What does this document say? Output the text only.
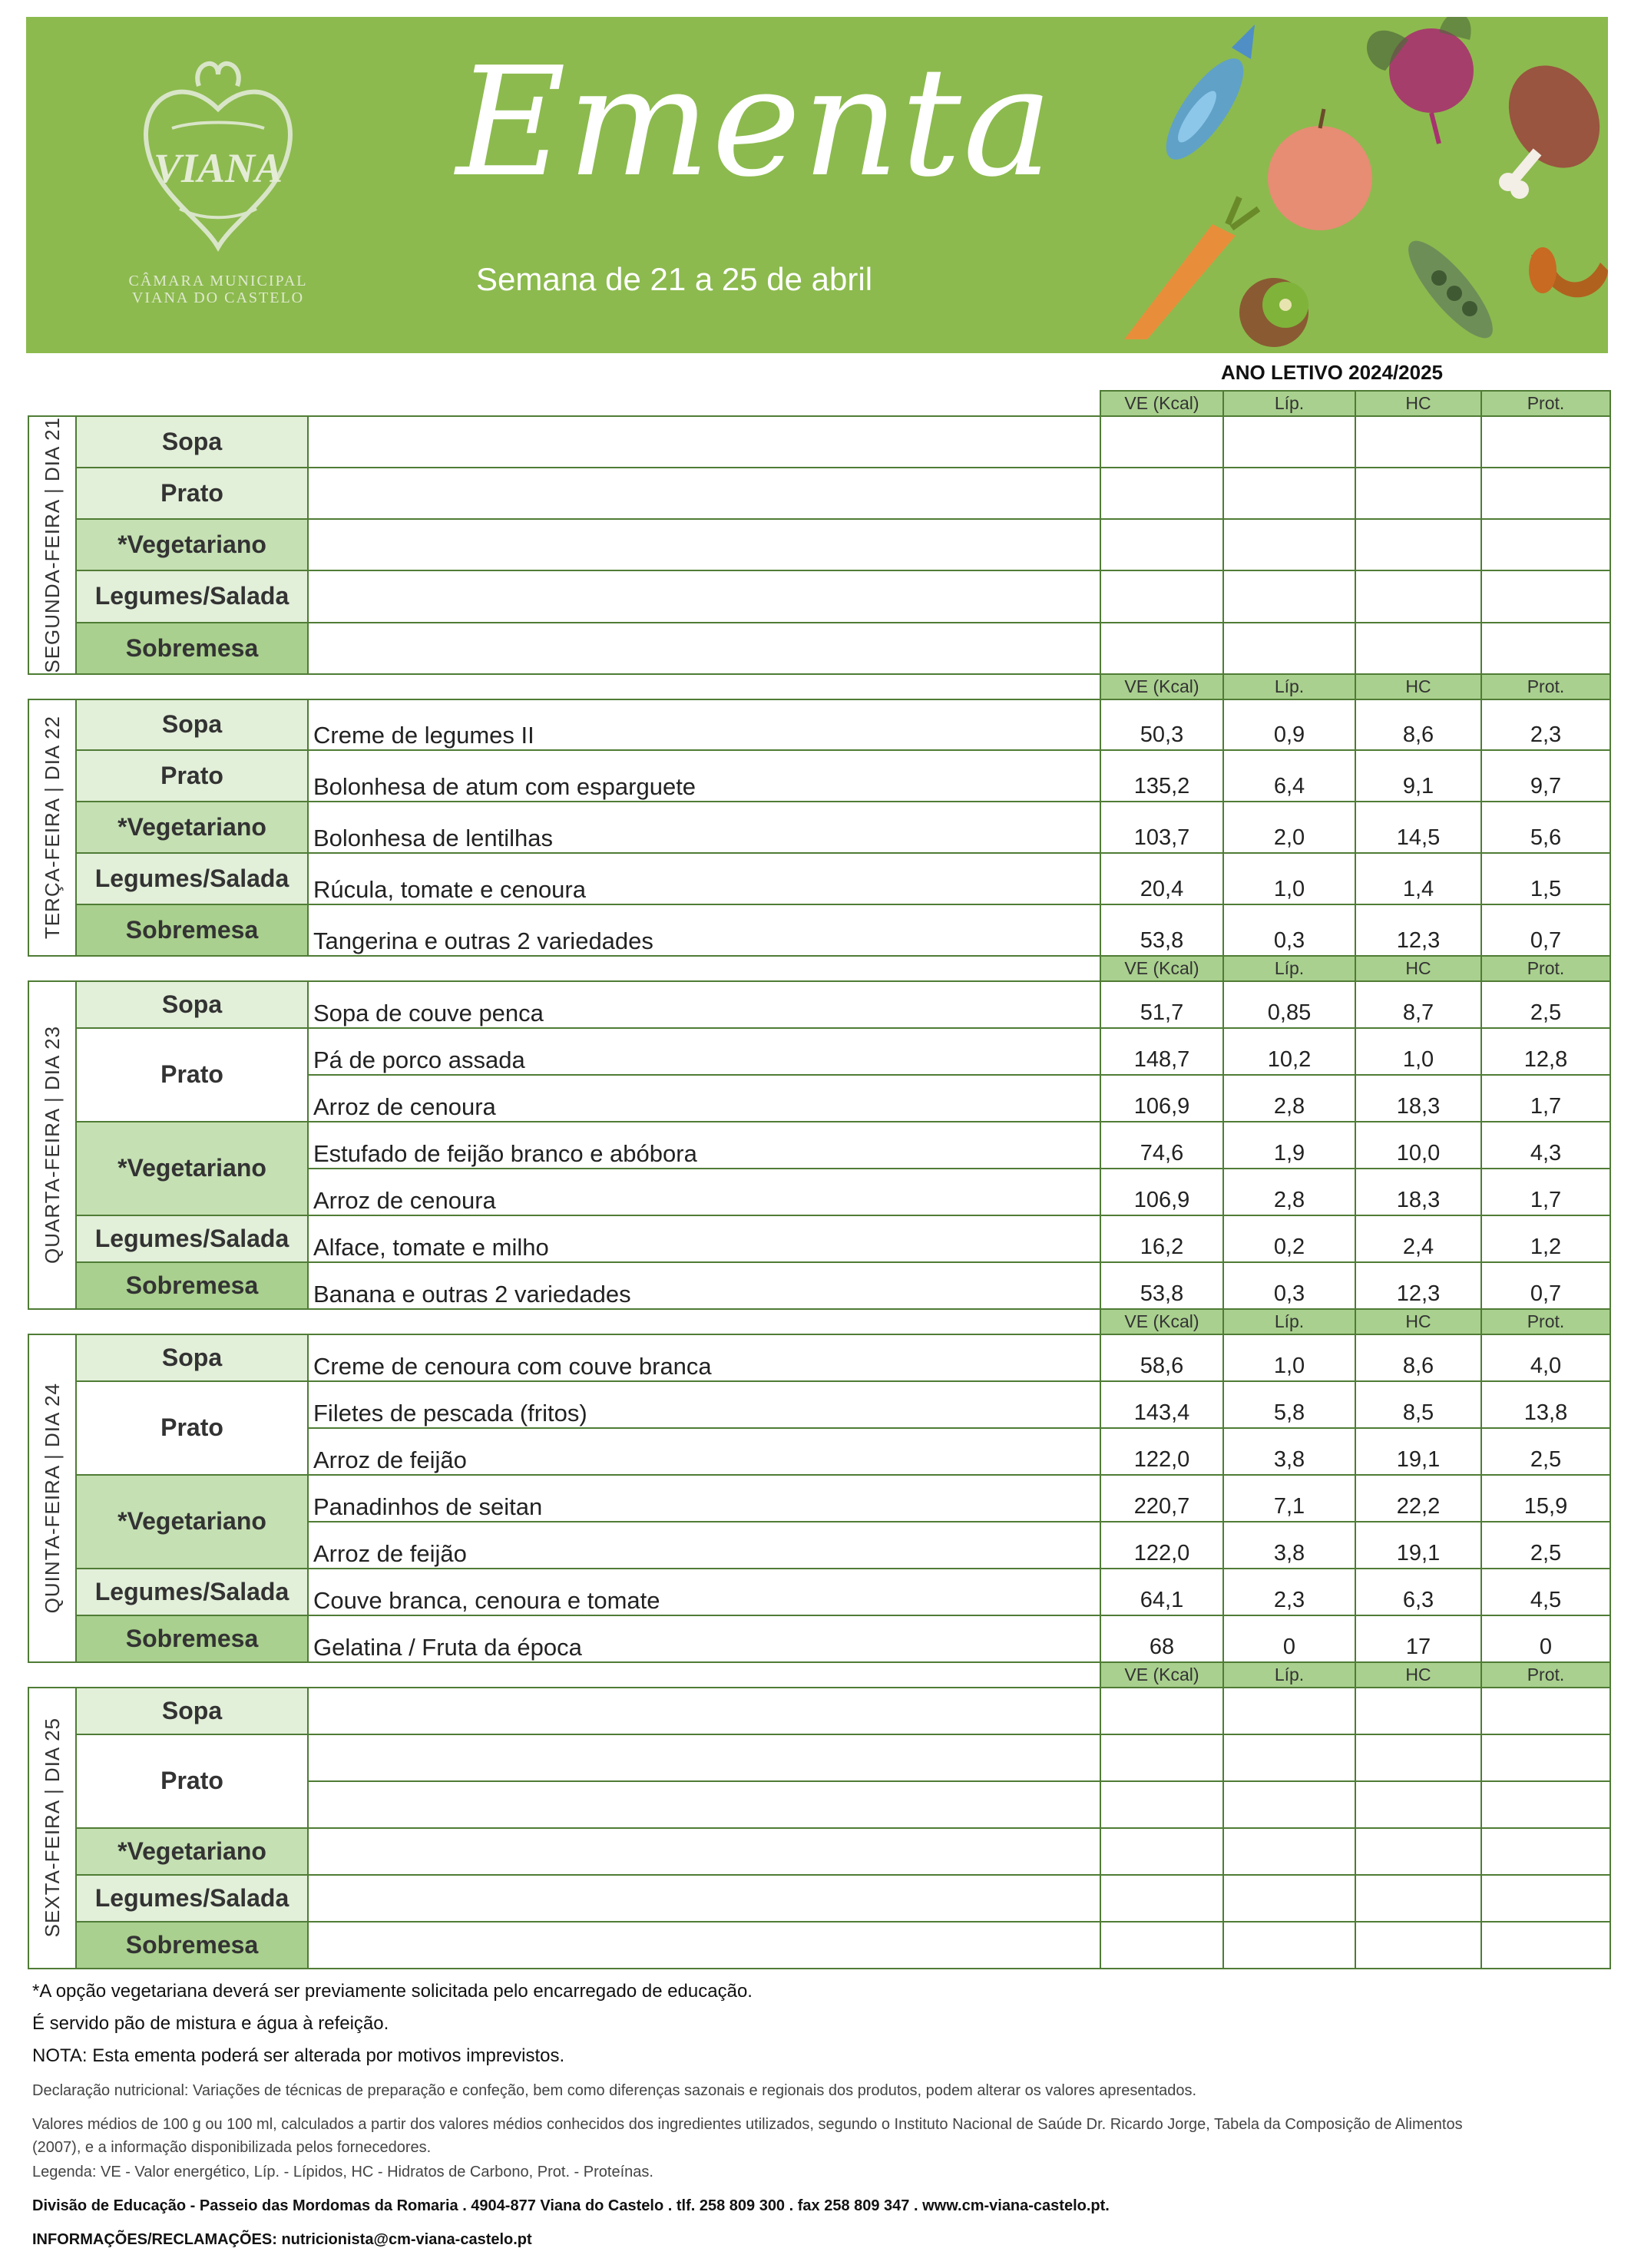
VIANA
CÂMARA MUNICIPAL
VIANA DO CASTELO
Ementa
Semana de 21 a 25 de abril
ANO LETIVO 2024/2025
			VE (Kcal)	Líp.	HC	Prot.

SEGUNDA-FEIRA | DIA 21	Sopa					
	Prato					
	*Vegetariano					
	Legumes/Salada					
	Sobremesa					
			VE (Kcal)	Líp.	HC	Prot.

TERÇA-FEIRA | DIA 22	Sopa	Creme de legumes II	50,3	0,9	8,6	2,3
	Prato	Bolonhesa de atum com esparguete	135,2	6,4	9,1	9,7
	*Vegetariano	Bolonhesa de lentilhas	103,7	2,0	14,5	5,6
	Legumes/Salada	Rúcula, tomate e cenoura	20,4	1,0	1,4	1,5
	Sobremesa	Tangerina e outras 2 variedades	53,8	0,3	12,3	0,7
			VE (Kcal)	Líp.	HC	Prot.

QUARTA-FEIRA | DIA 23	Sopa	Sopa de couve penca	51,7	0,85	8,7	2,5
	Prato	Pá de porco assada	148,7	10,2	1,0	12,8
		Arroz de cenoura	106,9	2,8	18,3	1,7
	*Vegetariano	Estufado de feijão branco e abóbora	74,6	1,9	10,0	4,3
		Arroz de cenoura	106,9	2,8	18,3	1,7
	Legumes/Salada	Alface, tomate e milho	16,2	0,2	2,4	1,2
	Sobremesa	Banana e outras 2 variedades	53,8	0,3	12,3	0,7
			VE (Kcal)	Líp.	HC	Prot.

QUINTA-FEIRA | DIA 24	Sopa	Creme de cenoura com couve branca	58,6	1,0	8,6	4,0
	Prato	Filetes de pescada (fritos)	143,4	5,8	8,5	13,8
		Arroz de feijão	122,0	3,8	19,1	2,5
	*Vegetariano	Panadinhos de seitan	220,7	7,1	22,2	15,9
		Arroz de feijão	122,0	3,8	19,1	2,5
	Legumes/Salada	Couve branca, cenoura e tomate	64,1	2,3	6,3	4,5
	Sobremesa	Gelatina / Fruta da época	68	0	17	0
			VE (Kcal)	Líp.	HC	Prot.

SEXTA-FEIRA | DIA 25	Sopa					
	Prato					

	*Vegetariano					
	Legumes/Salada					
	Sobremesa					
*A opção vegetariana deverá ser previamente solicitada pelo encarregado de educação.
É servido pão de mistura e água à refeição.
NOTA: Esta ementa poderá ser alterada por motivos imprevistos.
Declaração nutricional: Variações de técnicas de preparação e confeção, bem como diferenças sazonais e regionais dos produtos, podem alterar os valores apresentados.
Valores médios de 100 g ou 100 ml, calculados a partir dos valores médios conhecidos dos ingredientes utilizados, segundo o Instituto Nacional de Saúde Dr. Ricardo Jorge, Tabela da Composição de Alimentos
(2007), e a informação disponibilizada pelos fornecedores.
Legenda: VE - Valor energético, Líp. - Lípidos, HC - Hidratos de Carbono, Prot. - Proteínas.
Divisão de Educação - Passeio das Mordomas da Romaria . 4904-877 Viana do Castelo . tlf. 258 809 300 . fax 258 809 347 . www.cm-viana-castelo.pt.
INFORMAÇÕES/RECLAMAÇÕES: nutricionista@cm-viana-castelo.pt
